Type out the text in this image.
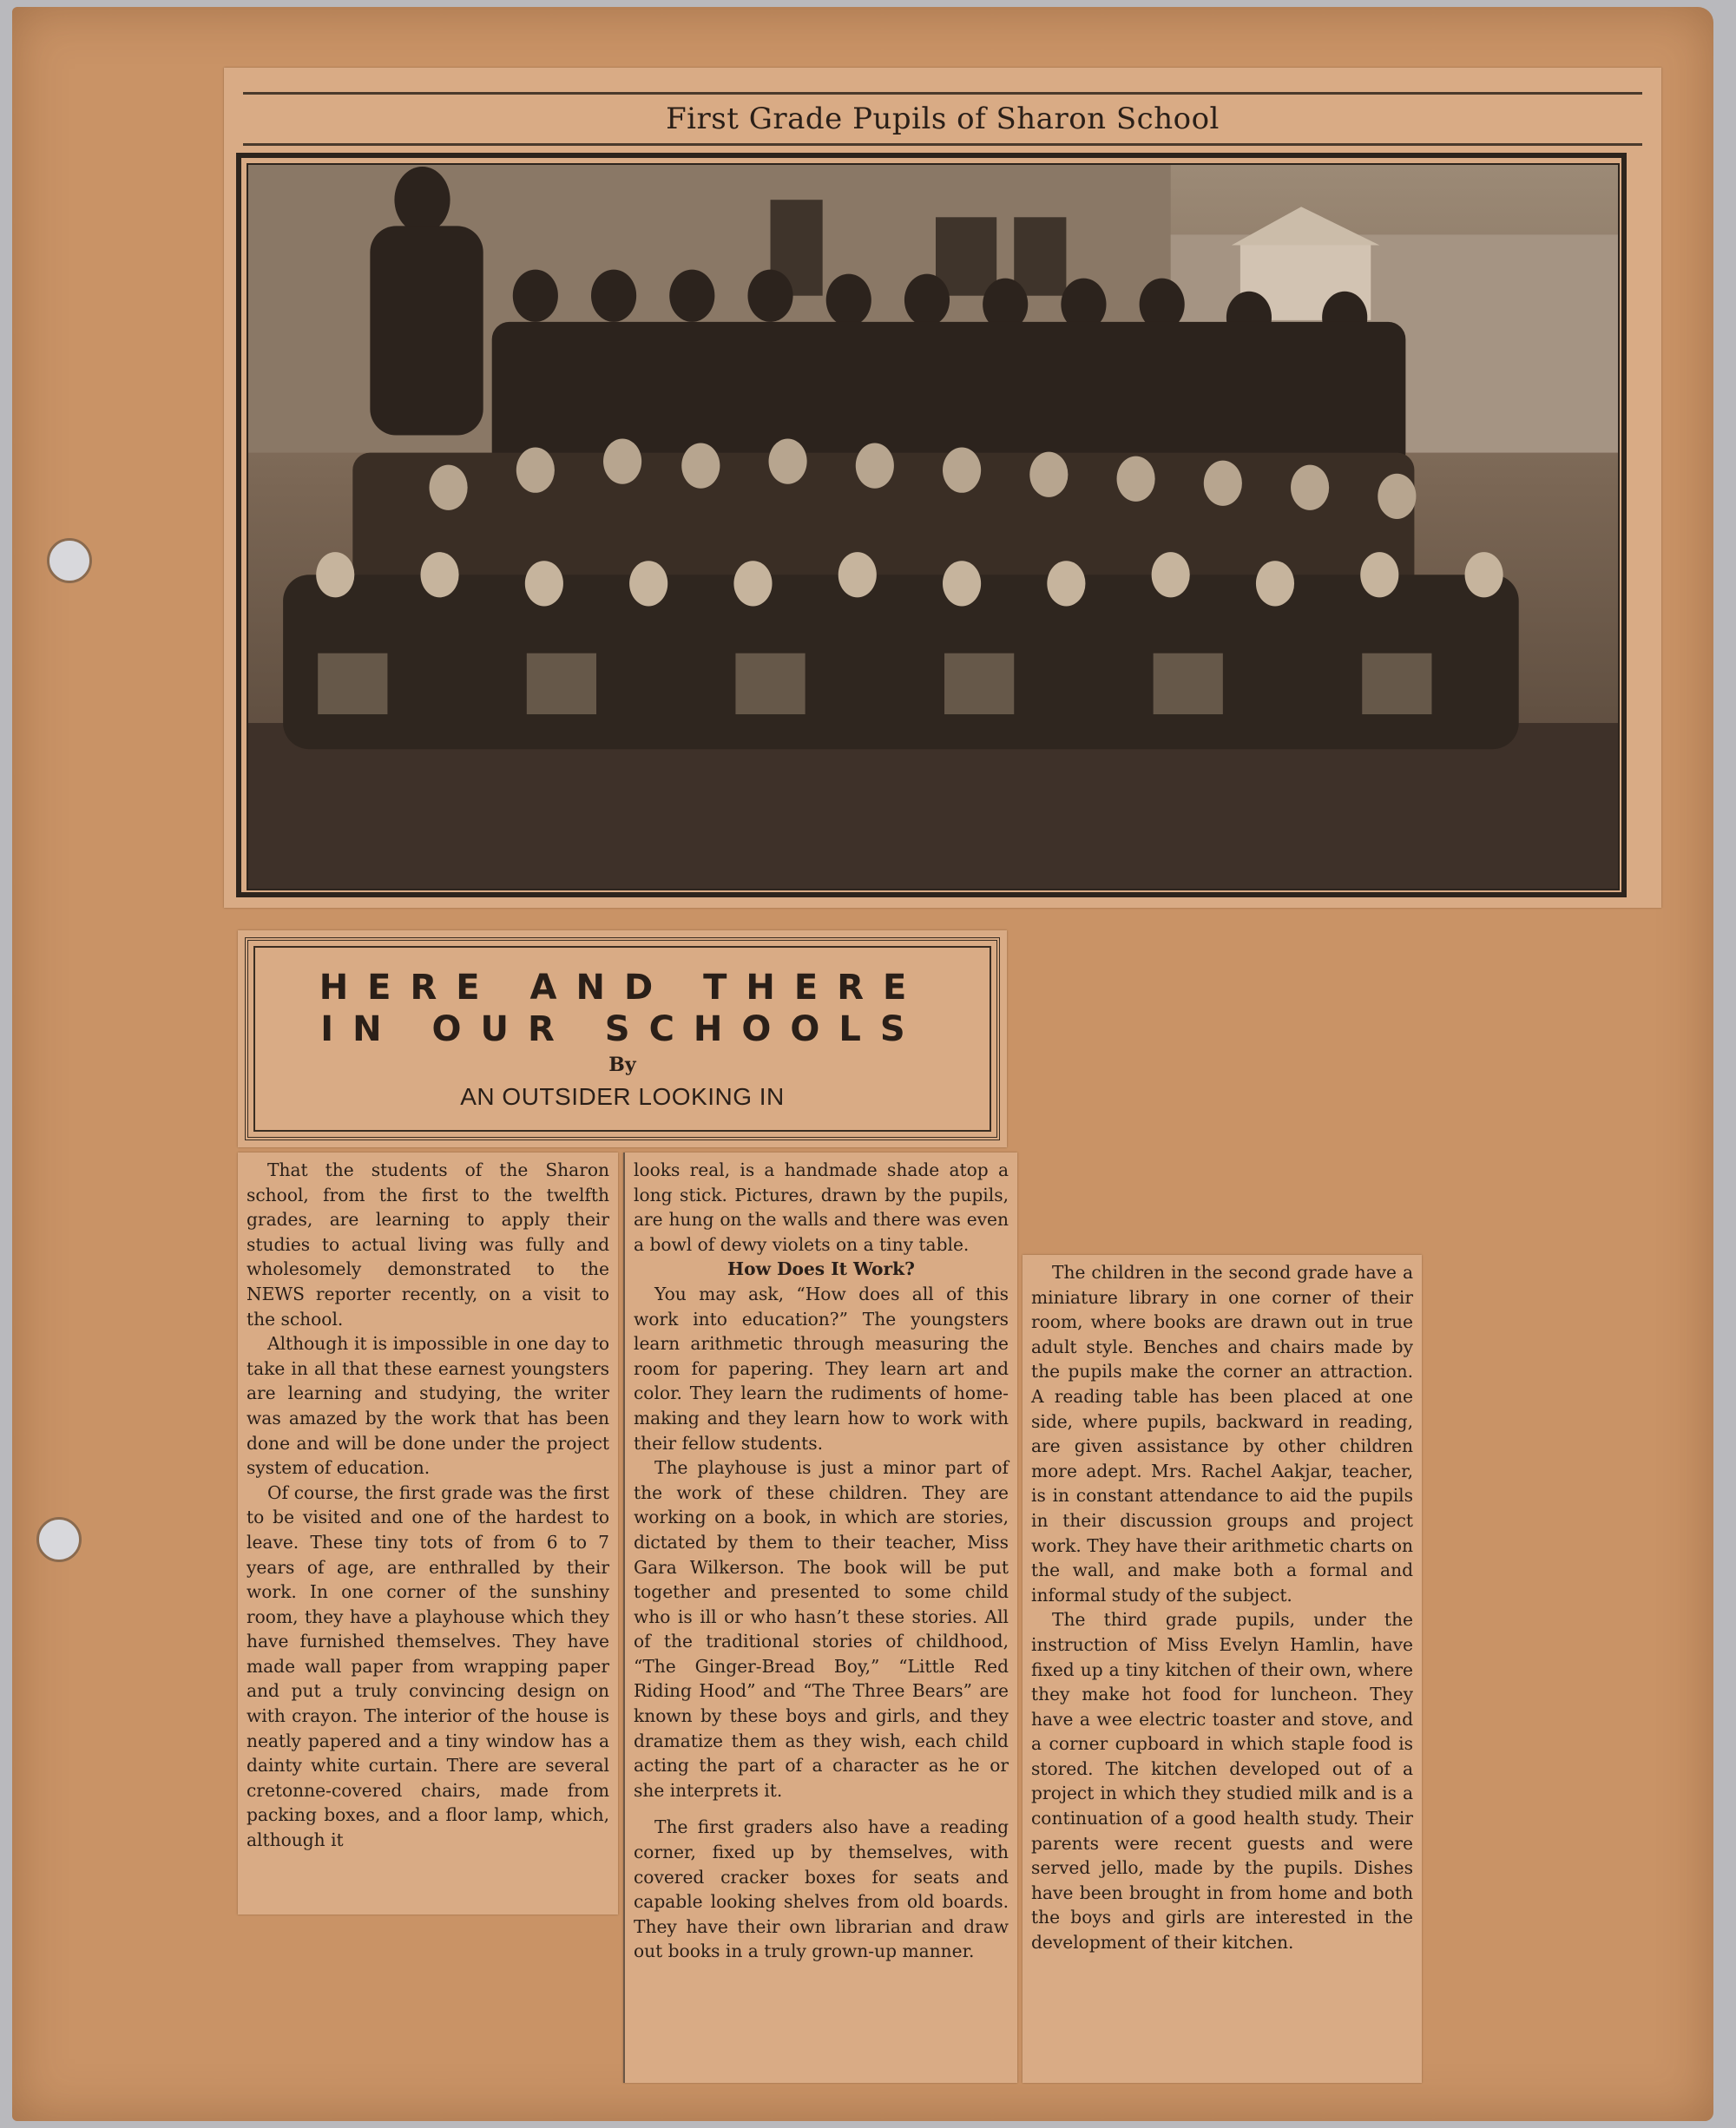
First Grade Pupils of Sharon School
HERE AND THERE
IN OUR SCHOOLS
By
AN OUTSIDER LOOKING IN

That the students of the Sharon school, from the first to the twelfth grades, are learning to apply their studies to actual living was fully and wholesomely demonstrated to the NEWS reporter recently, on a visit to the school.

Although it is impossible in one day to take in all that these earnest youngsters are learning and studying, the writer was amazed by the work that has been done and will be done under the project system of education.

Of course, the first grade was the first to be visited and one of the hardest to leave. These tiny tots of from 6 to 7 years of age, are enthralled by their work. In one corner of the sunshiny room, they have a playhouse which they have furnished themselves. They have made wall paper from wrapping paper and put a truly convincing design on with crayon. The interior of the house is neatly papered and a tiny window has a dainty white curtain. There are several cretonne-covered chairs, made from packing boxes, and a floor lamp, which, although it

looks real, is a handmade shade atop a long stick. Pictures, drawn by the pupils, are hung on the walls and there was even a bowl of dewy violets on a tiny table.

How Does It Work?

You may ask, “How does all of this work into education?” The youngsters learn arithmetic through measuring the room for papering. They learn art and color. They learn the rudiments of home-making and they learn how to work with their fellow students.

The playhouse is just a minor part of the work of these children. They are working on a book, in which are stories, dictated by them to their teacher, Miss Gara Wilkerson. The book will be put together and presented to some child who is ill or who hasn’t these stories. All of the traditional stories of childhood, “The Ginger-Bread Boy,” “Little Red Riding Hood” and “The Three Bears” are known by these boys and girls, and they dramatize them as they wish, each child acting the part of a character as he or she interprets it.

The first graders also have a reading corner, fixed up by themselves, with covered cracker boxes for seats and capable looking shelves from old boards. They have their own librarian and draw out books in a truly grown-up manner.

The children in the second grade have a miniature library in one corner of their room, where books are drawn out in true adult style. Benches and chairs made by the pupils make the corner an attraction. A reading table has been placed at one side, where pupils, backward in reading, are given assistance by other children more adept. Mrs. Rachel Aakjar, teacher, is in constant attendance to aid the pupils in their discussion groups and project work. They have their arithmetic charts on the wall, and make both a formal and informal study of the subject.

The third grade pupils, under the instruction of Miss Evelyn Hamlin, have fixed up a tiny kitchen of their own, where they make hot food for luncheon. They have a wee electric toaster and stove, and a corner cupboard in which staple food is stored. The kitchen developed out of a project in which they studied milk and is a continuation of a good health study. Their parents were recent guests and were served jello, made by the pupils. Dishes have been brought in from home and both the boys and girls are interested in the development of their kitchen.
